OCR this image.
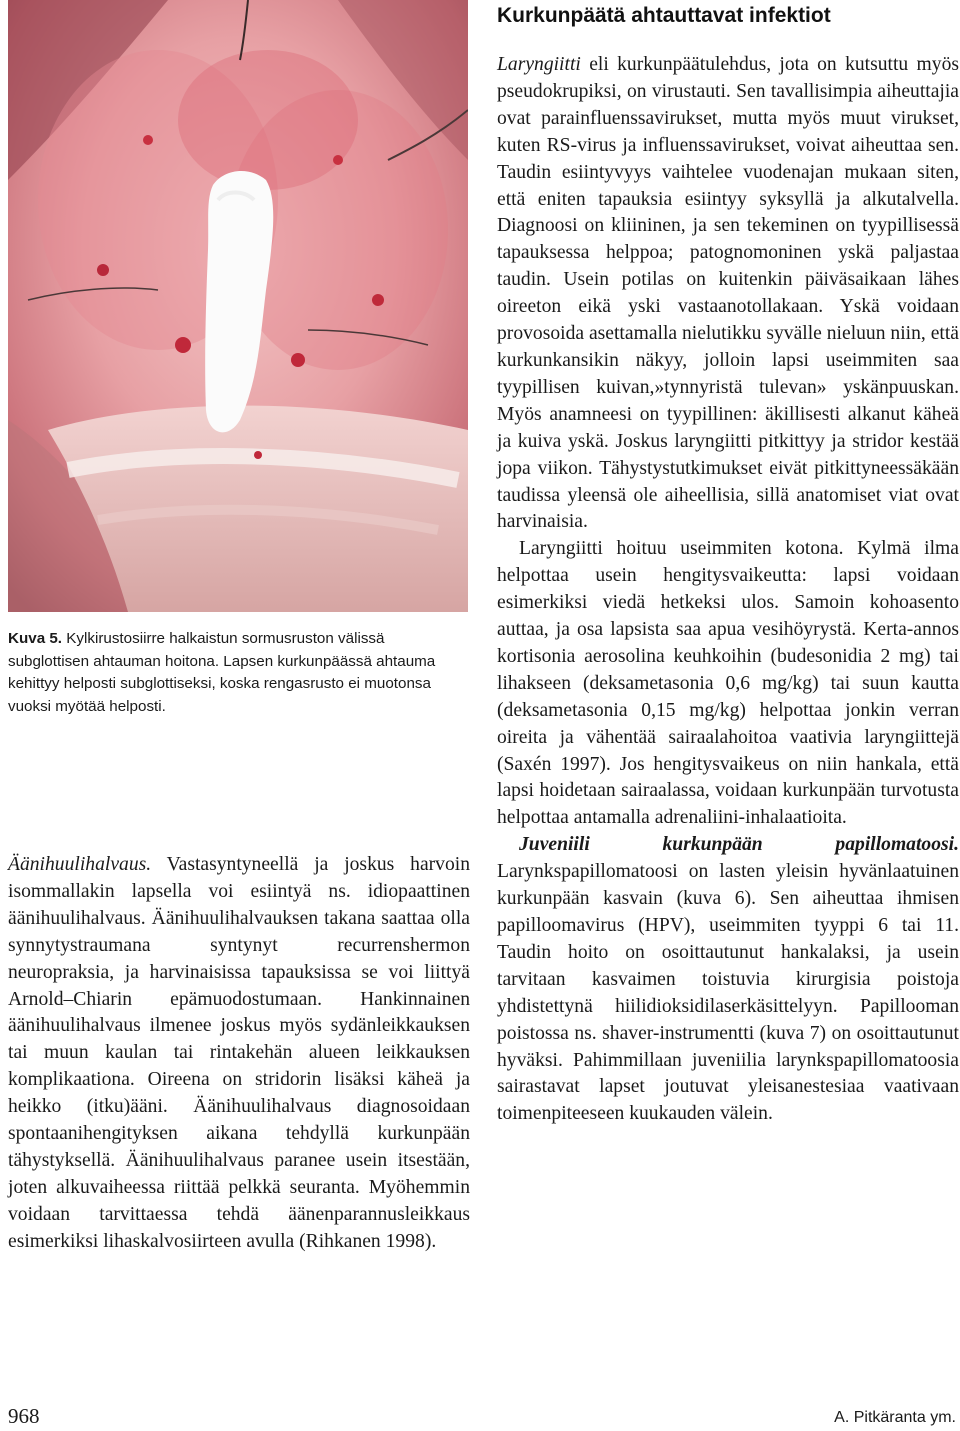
Kuva 5. Kylkirustosiirre halkaistun sormusruston välissä subglottisen ahtauman hoitona. Lapsen kurkunpäässä ahtauma kehittyy helposti subglottiseksi, koska rengasrusto ei muotonsa vuoksi myötää helposti.

Äänihuulihalvaus. Vastasyntyneellä ja joskus harvoin isommallakin lapsella voi esiintyä ns. idiopaattinen äänihuulihalvaus. Äänihuulihalvauksen takana saattaa olla synnytystraumana syntynyt recurrenshermon neuropraksia, ja harvinaisissa tapauksissa se voi liittyä Arnold–Chiarin epämuodostumaan. Hankinnainen äänihuulihalvaus ilmenee joskus myös sydänleikkauksen tai muun kaulan tai rintakehän alueen leikkauksen komplikaationa. Oireena on stridorin lisäksi käheä ja heikko (itku)ääni. Äänihuulihalvaus diagnosoidaan spontaanihengityksen aikana tehdyllä kurkunpään tähystyksellä. Äänihuulihalvaus paranee usein itsestään, joten alkuvaiheessa riittää pelkkä seuranta. Myöhemmin voidaan tarvittaessa tehdä äänenparannusleikkaus esimerkiksi lihaskalvosiirteen avulla (Rihkanen 1998).

Kurkunpäätä ahtauttavat infektiot

Laryngiitti eli kurkunpäätulehdus, jota on kutsuttu myös pseudokrupiksi, on virustauti. Sen tavallisimpia aiheuttajia ovat parainfluenssavirukset, mutta myös muut virukset, kuten RS-virus ja influenssavirukset, voivat aiheuttaa sen. Taudin esiintyvyys vaihtelee vuodenajan mukaan siten, että eniten tapauksia esiintyy syksyllä ja alkutalvella. Diagnoosi on kliininen, ja sen tekeminen on tyypillisessä tapauksessa helppoa; patognomoninen yskä paljastaa taudin. Usein potilas on kuitenkin päiväsaikaan lähes oireeton eikä yski vastaanotollakaan. Yskä voidaan provosoida asettamalla nielutikku syvälle nieluun niin, että kurkunkansikin näkyy, jolloin lapsi useimmiten saa tyypillisen kuivan,»tynnyristä tulevan» yskänpuuskan. Myös anamneesi on tyypillinen: äkillisesti alkanut käheä ja kuiva yskä. Joskus laryngiitti pitkittyy ja stridor kestää jopa viikon. Tähystystutkimukset eivät pitkittyneessäkään taudissa yleensä ole aiheellisia, sillä anatomiset viat ovat harvinaisia.

Laryngiitti hoituu useimmiten kotona. Kylmä ilma helpottaa usein hengitysvaikeutta: lapsi voidaan esimerkiksi viedä hetkeksi ulos. Samoin kohoasento auttaa, ja osa lapsista saa apua vesihöyrystä. Kerta-annos kortisonia aerosolina keuhkoihin (budesonidia 2 mg) tai lihakseen (deksametasonia 0,6 mg/kg) tai suun kautta (deksametasonia 0,15 mg/kg) helpottaa jonkin verran oireita ja vähentää sairaalahoitoa vaativia laryngiittejä (Saxén 1997). Jos hengitysvaikeus on niin hankala, että lapsi hoidetaan sairaalassa, voidaan kurkunpään turvotusta helpottaa antamalla adrenaliini-inhalaatioita.

Juveniili kurkunpään papillomatoosi. Larynkspapillomatoosi on lasten yleisin hyvänlaatuinen kurkunpään kasvain (kuva 6). Sen aiheuttaa ihmisen papilloomavirus (HPV), useimmiten tyyppi 6 tai 11. Taudin hoito on osoittautunut hankalaksi, ja usein tarvitaan kasvaimen toistuvia kirurgisia poistoja yhdistettynä hiilidioksidilaserkäsittelyyn. Papillooman poistossa ns. shaver-instrumentti (kuva 7) on osoittautunut hyväksi. Pahimmillaan juveniilia larynkspapillomatoosia sairastavat lapset joutuvat yleisanestesiaa vaativaan toimenpiteeseen kuukauden välein.

968	A. Pitkäranta ym.
